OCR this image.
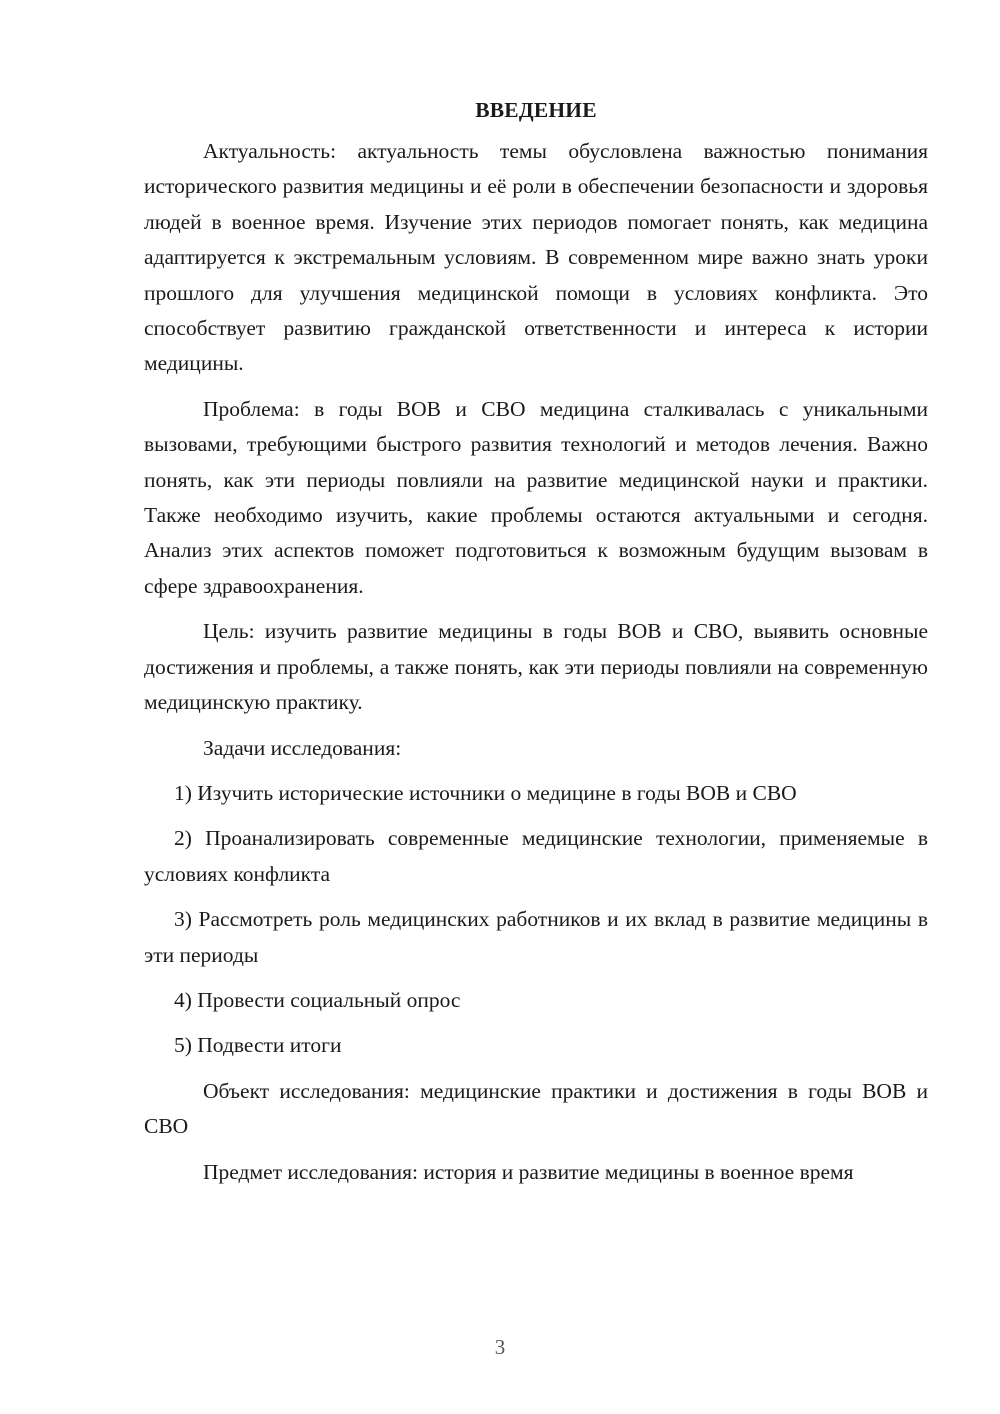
ВВЕДЕНИЕ

Актуальность: актуальность темы обусловлена важностью понимания исторического развития медицины и её роли в обеспечении безопасности и здоровья людей в военное время. Изучение этих периодов помогает понять, как медицина адаптируется к экстремальным условиям. В современном мире важно знать уроки прошлого для улучшения медицинской помощи в условиях конфликта. Это способствует развитию гражданской ответственности и интереса к истории медицины.

Проблема: в годы ВОВ и СВО медицина сталкивалась с уникальными вызовами, требующими быстрого развития технологий и методов лечения. Важно понять, как эти периоды повлияли на развитие медицинской науки и практики. Также необходимо изучить, какие проблемы остаются актуальными и сегодня. Анализ этих аспектов поможет подготовиться к возможным будущим вызовам в сфере здравоохранения.

Цель: изучить развитие медицины в годы ВОВ и СВО, выявить основные достижения и проблемы, а также понять, как эти периоды повлияли на современную медицинскую практику.

Задачи исследования:

1) Изучить исторические источники о медицине в годы ВОВ и СВО

2) Проанализировать современные медицинские технологии, применяемые в условиях конфликта

3) Рассмотреть роль медицинских работников и их вклад в развитие медицины в эти периоды

4) Провести социальный опрос

5) Подвести итоги

Объект исследования: медицинские практики и достижения в годы ВОВ и СВО

Предмет исследования: история и развитие медицины в военное время

3
